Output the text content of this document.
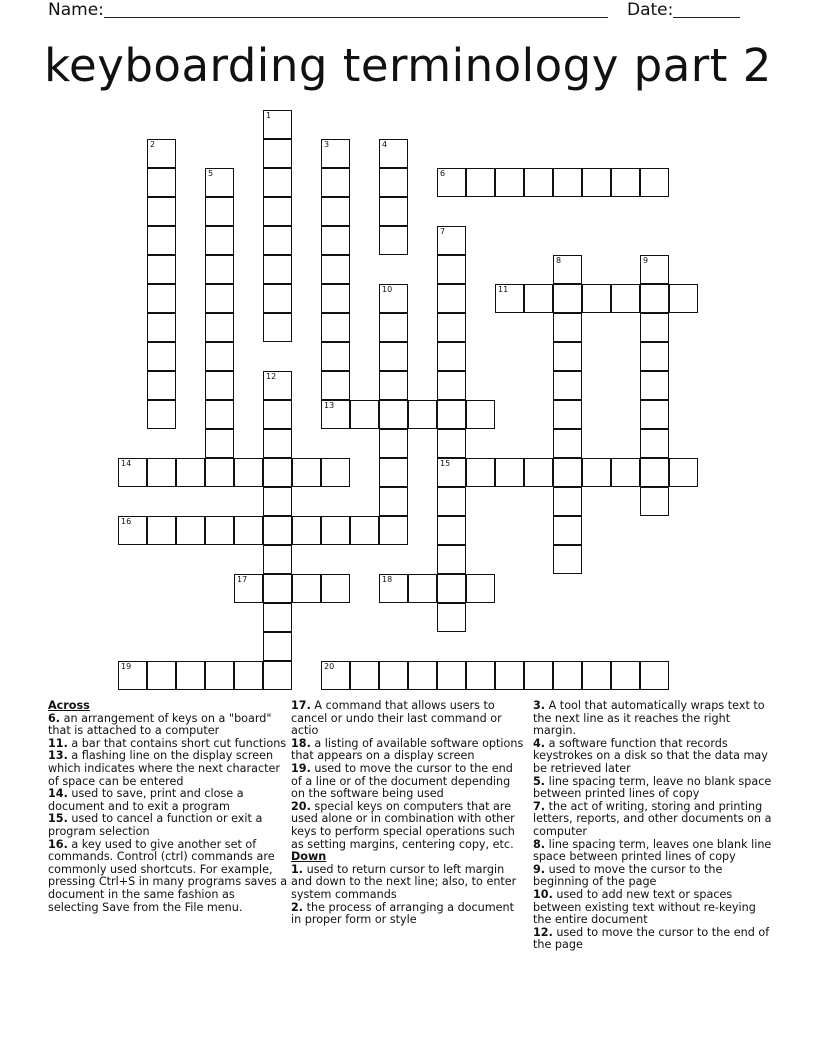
Name:	Date:
keyboarding terminology part 2
1
2	3	4
5	6
7
15
8	9
10	11
12
13
14
16
17	18
19	20

Across

6. an arrangement of keys on a "board" that is attached to a computer

11. a bar that contains short cut functions

13. a flashing line on the display screen which indicates where the next character of space can be entered

14. used to save, print and close a document and to exit a program

15. used to cancel a function or exit a program selection

16. a key used to give another set of commands. Control (ctrl) commands are commonly used shortcuts. For example, pressing Ctrl+S in many programs saves a document in the same fashion as selecting Save from the File menu.

17. A command that allows users to cancel or undo their last command or actio

18. a listing of available software options that appears on a display screen

19. used to move the cursor to the end of a line or of the document depending on the software being used

20. special keys on computers that are used alone or in combination with other keys to perform special operations such as setting margins, centering copy, etc.

Down

1. used to return cursor to left margin and down to the next line; also, to enter system commands

2. the process of arranging a document in proper form or style

3. A tool that automatically wraps text to the next line as it reaches the right margin.

4. a software function that records keystrokes on a disk so that the data may be retrieved later

5. line spacing term, leave no blank space between printed lines of copy

7. the act of writing, storing and printing letters, reports, and other documents on a computer

8. line spacing term, leaves one blank line space between printed lines of copy

9. used to move the cursor to the beginning of the page

10. used to add new text or spaces between existing text without re-keying the entire document

12. used to move the cursor to the end of the page
